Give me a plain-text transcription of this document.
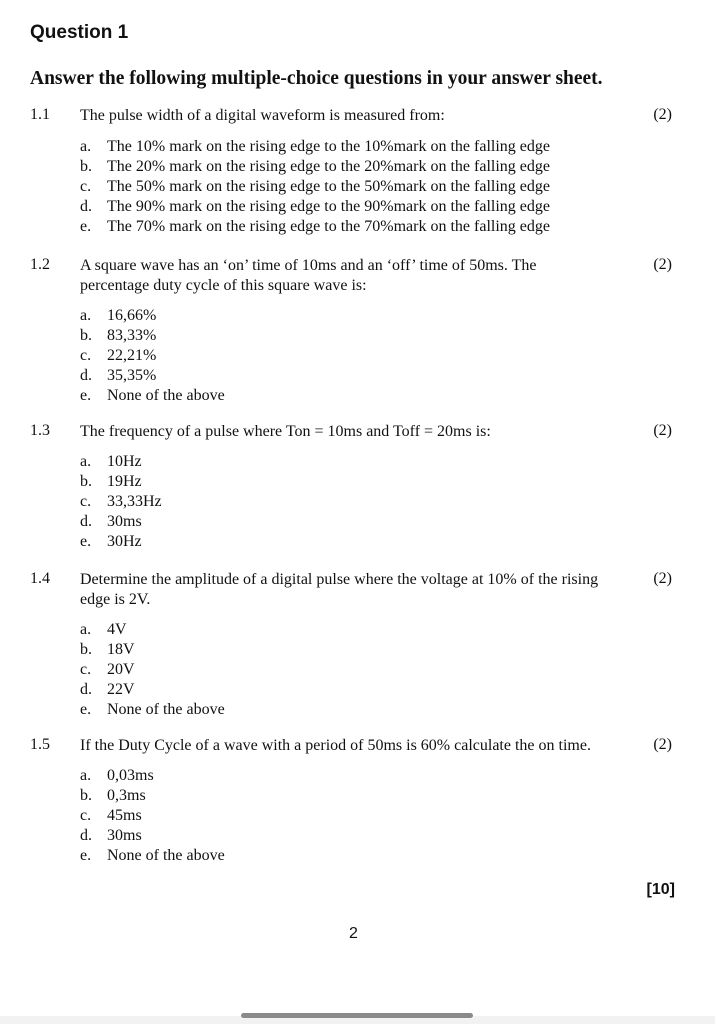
Question 1
Answer the following multiple-choice questions in your answer sheet.
1.1 The pulse width of a digital waveform is measured from:	(2)
a. The 10% mark on the rising edge to the 10%mark on the falling edge
b. The 20% mark on the rising edge to the 20%mark on the falling edge
c. The 50% mark on the rising edge to the 50%mark on the falling edge
d. The 90% mark on the rising edge to the 90%mark on the falling edge
e. The 70% mark on the rising edge to the 70%mark on the falling edge
1.2 A square wave has an ‘on’ time of 10ms and an ‘off’ time of 50ms. The percentage duty cycle of this square wave is:
(2)
a. 16,66%
b. 83,33%
c. 22,21%
d. 35,35%
e. None of the above
1.3 The frequency of a pulse where Ton = 10ms and Toff = 20ms is:	(2)
a. 10Hz
b. 19Hz
c. 33,33Hz
d. 30ms
e. 30Hz
1.4 Determine the amplitude of a digital pulse where the voltage at 10% of the rising edge is 2V.
(2)
a. 4V
b. 18V
c. 20V
d. 22V
e. None of the above
1.5 If the Duty Cycle of a wave with a period of 50ms is 60% calculate the on time.	(2)
a. 0,03ms
b. 0,3ms
c. 45ms
d. 30ms
e. None of the above
[10]
2
